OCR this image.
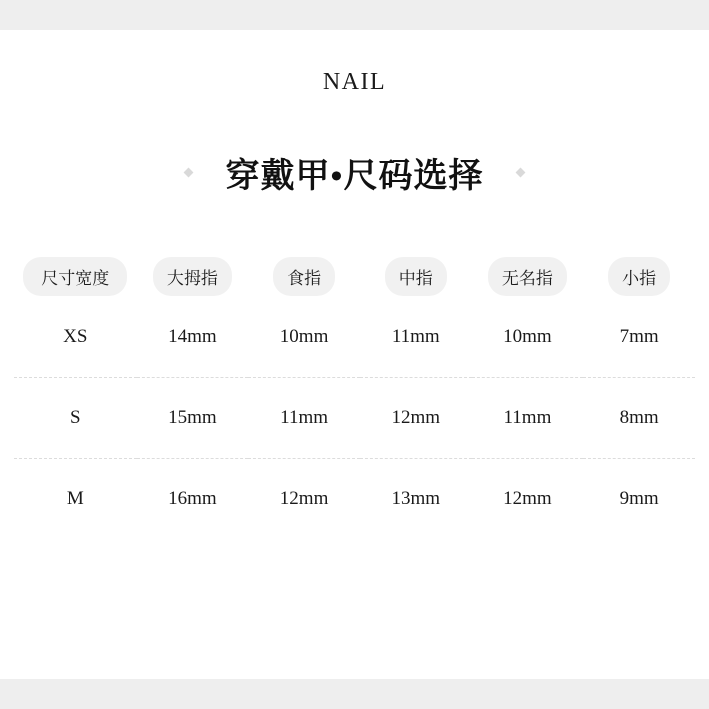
NAIL
穿戴甲•尺码选择
尺寸宽度	大拇指	食指	中指	无名指	小指
XS	14mm	10mm	11mm	10mm	7mm
S	15mm	11mm	12mm	11mm	8mm
M	16mm	12mm	13mm	12mm	9mm
